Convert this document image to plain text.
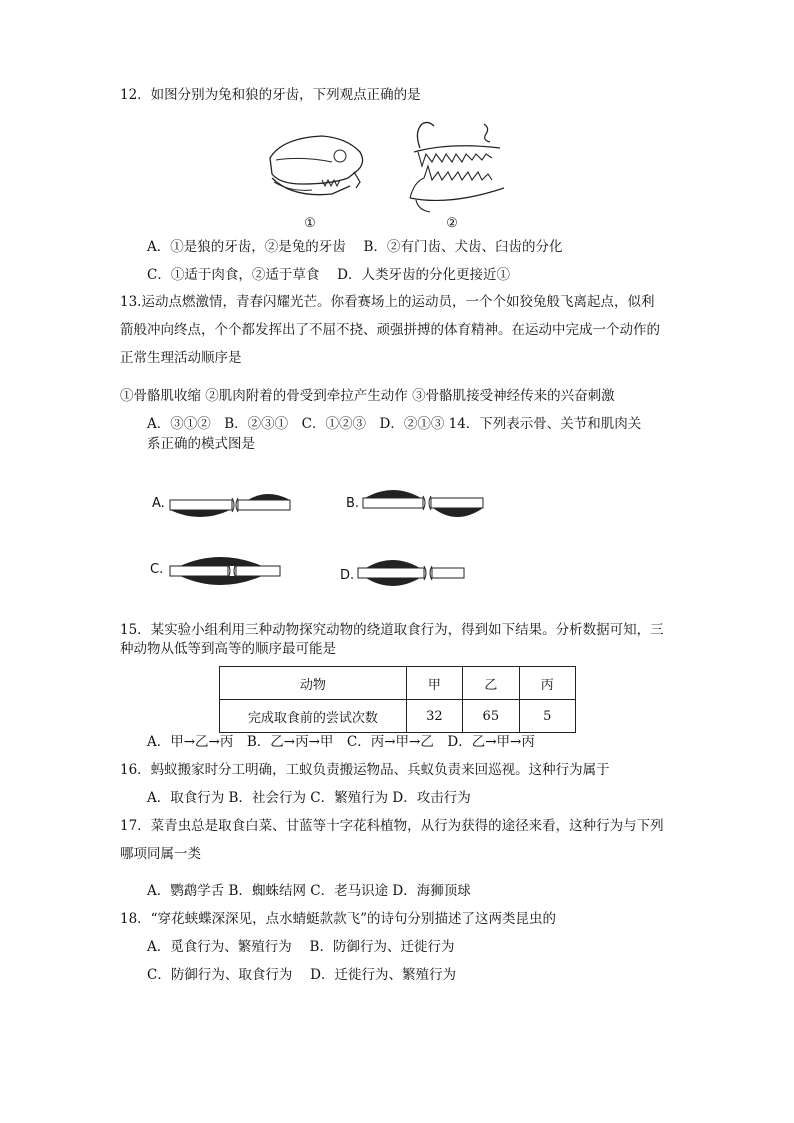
12．如图分别为兔和狼的牙齿，下列观点正确的是
①	②
A．①是狼的牙齿，②是兔的牙齿　 B．②有门齿、犬齿、臼齿的分化
C．①适于肉食，②适于草食　 D．人类牙齿的分化更接近①
13.运动点燃激情，青春闪耀光芒。你看赛场上的运动员，一个个如狡兔般飞离起点，似利
箭般冲向终点，个个都发挥出了不屈不挠、顽强拼搏的体育精神。在运动中完成一个动作的
正常生理活动顺序是
①骨骼肌收缩 ②肌肉附着的骨受到牵拉产生动作 ③骨骼肌接受神经传来的兴奋刺激
A．③①②　B．②③①　C．①②③　D．②①③ 14．下列表示骨、关节和肌肉关
系正确的模式图是
A.	B.
C.	D.
15．某实验小组利用三种动物探究动物的绕道取食行为，得到如下结果。分析数据可知，三
种动物从低等到高等的顺序最可能是
动物	甲	乙	丙
完成取食前的尝试次数	32	65	5
A．甲→乙→丙　B．乙→丙→甲　C．丙→甲→乙　D．乙→甲→丙
16．蚂蚁搬家时分工明确，工蚁负责搬运物品、兵蚁负责来回巡视。这种行为属于
A．取食行为 B．社会行为 C．繁殖行为 D．攻击行为
17．菜青虫总是取食白菜、甘蓝等十字花科植物，从行为获得的途径来看，这种行为与下列
哪项同属一类
A．鹦鹉学舌 B．蜘蛛结网 C．老马识途 D．海狮顶球
18．“穿花蛱蝶深深见，点水蜻蜓款款飞”的诗句分别描述了这两类昆虫的
A．觅食行为、繁殖行为　 B．防御行为、迁徙行为
C．防御行为、取食行为　 D．迁徙行为、繁殖行为
